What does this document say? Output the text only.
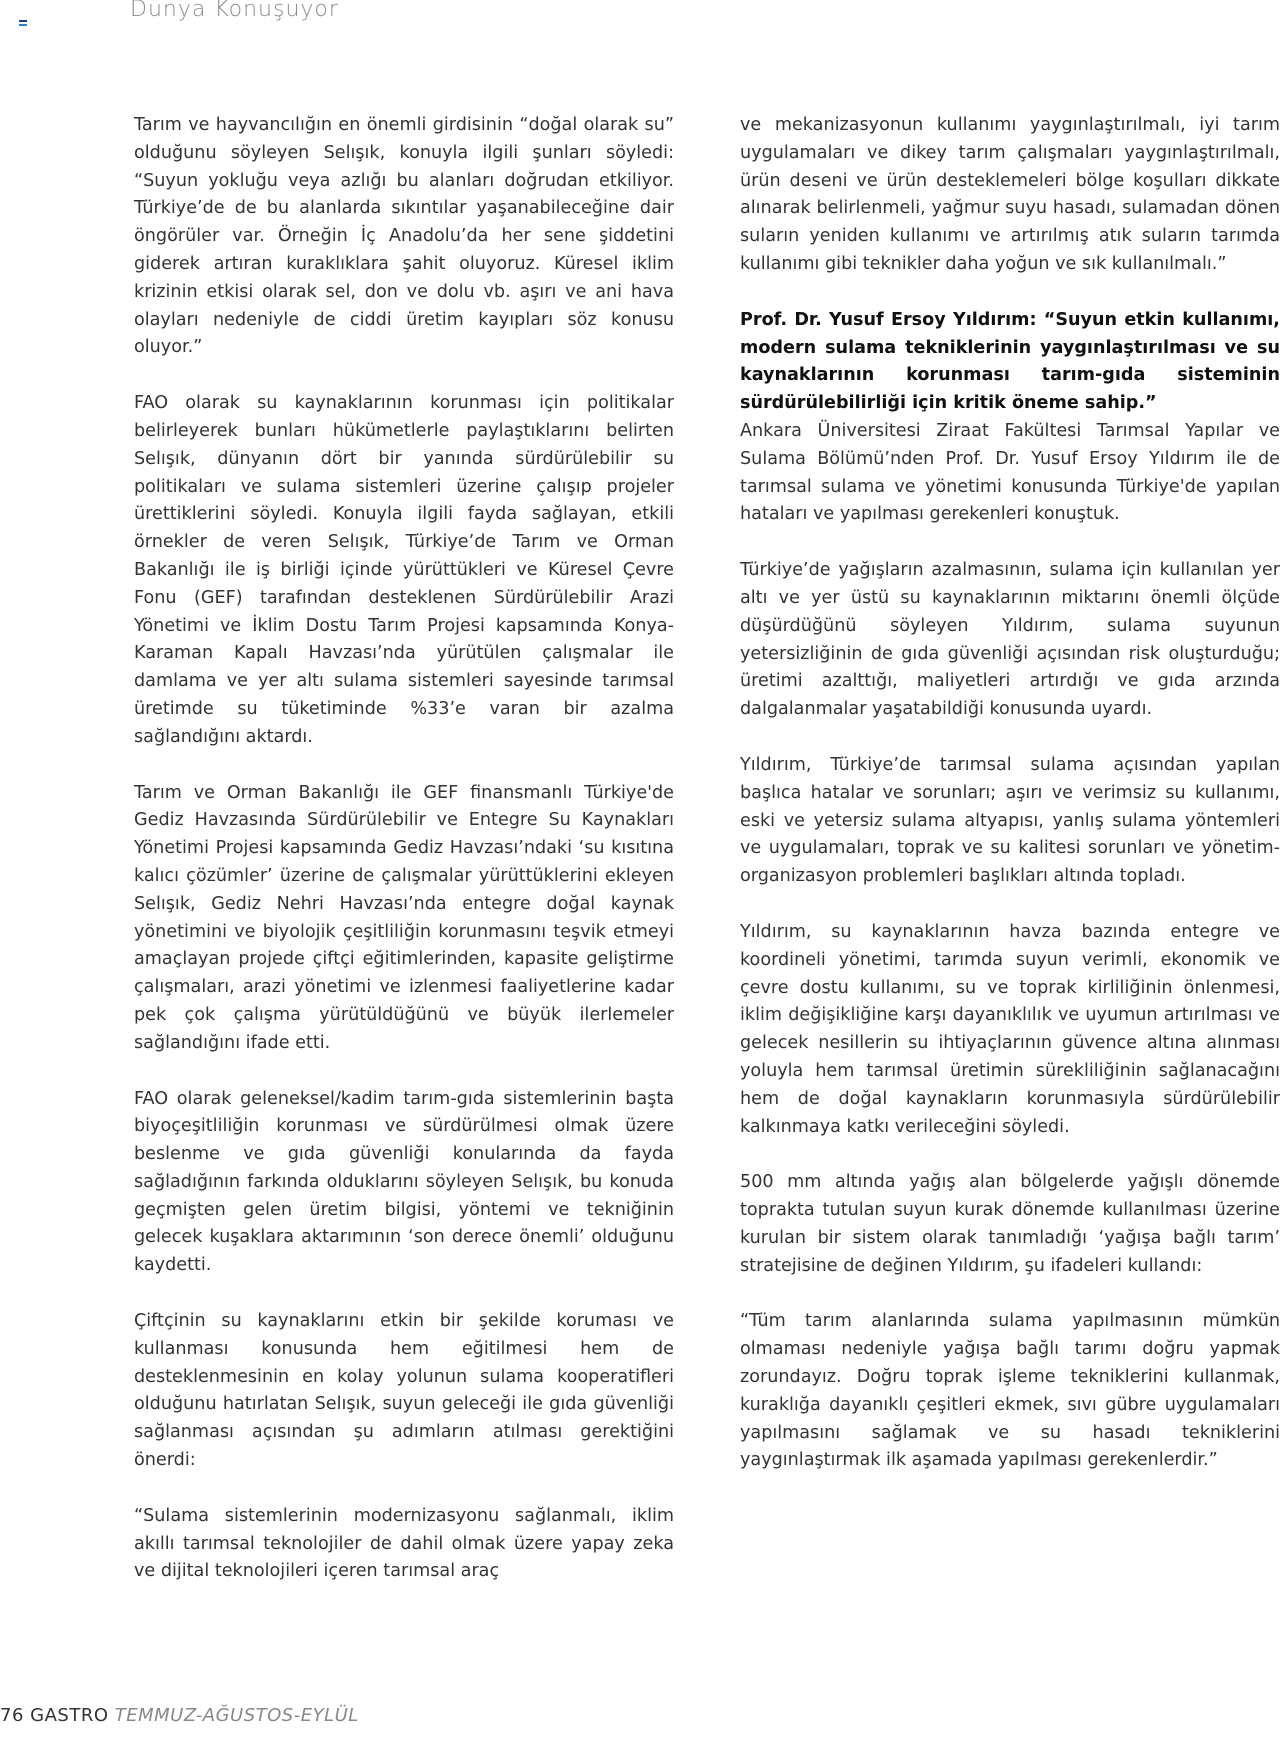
Dünya Konuşuyor

Tarım ve hayvancılığın en önemli girdisinin “doğal olarak su” olduğunu söyleyen Selışık, konuyla ilgili şunları söyledi: “Suyun yokluğu veya azlığı bu alanları doğrudan etkiliyor. Türkiye’de de bu alanlarda sıkıntılar yaşanabileceğine dair öngörüler var. Örneğin İç Anadolu’da her sene şiddetini giderek artıran kuraklıklara şahit oluyoruz. Küresel iklim krizinin etkisi olarak sel, don ve dolu vb. aşırı ve ani hava olayları nedeniyle de ciddi üretim kayıpları söz konusu oluyor.”

FAO olarak su kaynaklarının korunması için politikalar belirleyerek bunları hükümetlerle paylaştıklarını belirten Selışık, dünyanın dört bir yanında sürdürülebilir su politikaları ve sulama sistemleri üzerine çalışıp projeler ürettiklerini söyledi. Konuyla ilgili fayda sağlayan, etkili örnekler de veren Selışık, Türkiye’de Tarım ve Orman Bakanlığı ile iş birliği içinde yürüttükleri ve Küresel Çevre Fonu (GEF) tarafından desteklenen Sürdürülebilir Arazi Yönetimi ve İklim Dostu Tarım Projesi kapsamında Konya-Karaman Kapalı Havzası’nda yürütülen çalışmalar ile damlama ve yer altı sulama sistemleri sayesinde tarımsal üretimde su tüketiminde %33’e varan bir azalma sağlandığını aktardı.

Tarım ve Orman Bakanlığı ile GEF finansmanlı Türkiye'de Gediz Havzasında Sürdürülebilir ve Entegre Su Kaynakları Yönetimi Projesi kapsamında Gediz Havzası’ndaki ‘su kısıtına kalıcı çözümler’ üzerine de çalışmalar yürüttüklerini ekleyen Selışık, Gediz Nehri Havzası’nda entegre doğal kaynak yönetimini ve biyolojik çeşitliliğin korunmasını teşvik etmeyi amaçlayan projede çiftçi eğitimlerinden, kapasite geliştirme çalışmaları, arazi yönetimi ve izlenmesi faaliyetlerine kadar pek çok çalışma yürütüldüğünü ve büyük ilerlemeler sağlandığını ifade etti.

FAO olarak geleneksel/kadim tarım-gıda sistemlerinin başta biyoçeşitliliğin korunması ve sürdürülmesi olmak üzere beslenme ve gıda güvenliği konularında da fayda sağladığının farkında olduklarını söyleyen Selışık, bu konuda geçmişten gelen üretim bilgisi, yöntemi ve tekniğinin gelecek kuşaklara aktarımının ‘son derece önemli’ olduğunu kaydetti.

Çiftçinin su kaynaklarını etkin bir şekilde koruması ve kullanması konusunda hem eğitilmesi hem de desteklenmesinin en kolay yolunun sulama kooperatifleri olduğunu hatırlatan Selışık, suyun geleceği ile gıda güvenliği sağlanması açısından şu adımların atılması gerektiğini önerdi:

“Sulama sistemlerinin modernizasyonu sağlanmalı, iklim akıllı tarımsal teknolojiler de dahil olmak üzere yapay zeka ve dijital teknolojileri içeren tarımsal araç

ve mekanizasyonun kullanımı yaygınlaştırılmalı, iyi tarım uygulamaları ve dikey tarım çalışmaları yaygınlaştırılmalı, ürün deseni ve ürün desteklemeleri bölge koşulları dikkate alınarak belirlenmeli, yağmur suyu hasadı, sulamadan dönen suların yeniden kullanımı ve artırılmış atık suların tarımda kullanımı gibi teknikler daha yoğun ve sık kullanılmalı.”

Prof. Dr. Yusuf Ersoy Yıldırım: “Suyun etkin kullanımı, modern sulama tekniklerinin yaygınlaştırılması ve su kaynaklarının korunması tarım-gıda sisteminin sürdürülebilirliği için kritik öneme sahip.”

Ankara Üniversitesi Ziraat Fakültesi Tarımsal Yapılar ve Sulama Bölümü’nden Prof. Dr. Yusuf Ersoy Yıldırım ile de tarımsal sulama ve yönetimi konusunda Türkiye'de yapılan hataları ve yapılması gerekenleri konuştuk.

Türkiye’de yağışların azalmasının, sulama için kullanılan yer altı ve yer üstü su kaynaklarının miktarını önemli ölçüde düşürdüğünü söyleyen Yıldırım, sulama suyunun yetersizliğinin de gıda güvenliği açısından risk oluşturduğu; üretimi azalttığı, maliyetleri artırdığı ve gıda arzında dalgalanmalar yaşatabildiği konusunda uyardı.

Yıldırım, Türkiye’de tarımsal sulama açısından yapılan başlıca hatalar ve sorunları; aşırı ve verimsiz su kullanımı, eski ve yetersiz sulama altyapısı, yanlış sulama yöntemleri ve uygulamaları, toprak ve su kalitesi sorunları ve yönetim-organizasyon problemleri başlıkları altında topladı.

Yıldırım, su kaynaklarının havza bazında entegre ve koordineli yönetimi, tarımda suyun verimli, ekonomik ve çevre dostu kullanımı, su ve toprak kirliliğinin önlenmesi, iklim değişikliğine karşı dayanıklılık ve uyumun artırılması ve gelecek nesillerin su ihtiyaçlarının güvence altına alınması yoluyla hem tarımsal üretimin sürekliliğinin sağlanacağını hem de doğal kaynakların korunmasıyla sürdürülebilir kalkınmaya katkı verileceğini söyledi.

500 mm altında yağış alan bölgelerde yağışlı dönemde toprakta tutulan suyun kurak dönemde kullanılması üzerine kurulan bir sistem olarak tanımladığı ‘yağışa bağlı tarım’ stratejisine de değinen Yıldırım, şu ifadeleri kullandı:

“Tüm tarım alanlarında sulama yapılmasının mümkün olmaması nedeniyle yağışa bağlı tarımı doğru yapmak zorundayız. Doğru toprak işleme tekniklerini kullanmak, kuraklığa dayanıklı çeşitleri ekmek, sıvı gübre uygulamaları yapılmasını sağlamak ve su hasadı tekniklerini yaygınlaştırmak ilk aşamada yapılması gerekenlerdir.”

76 GASTRO TEMMUZ-AĞUSTOS-EYLÜL
